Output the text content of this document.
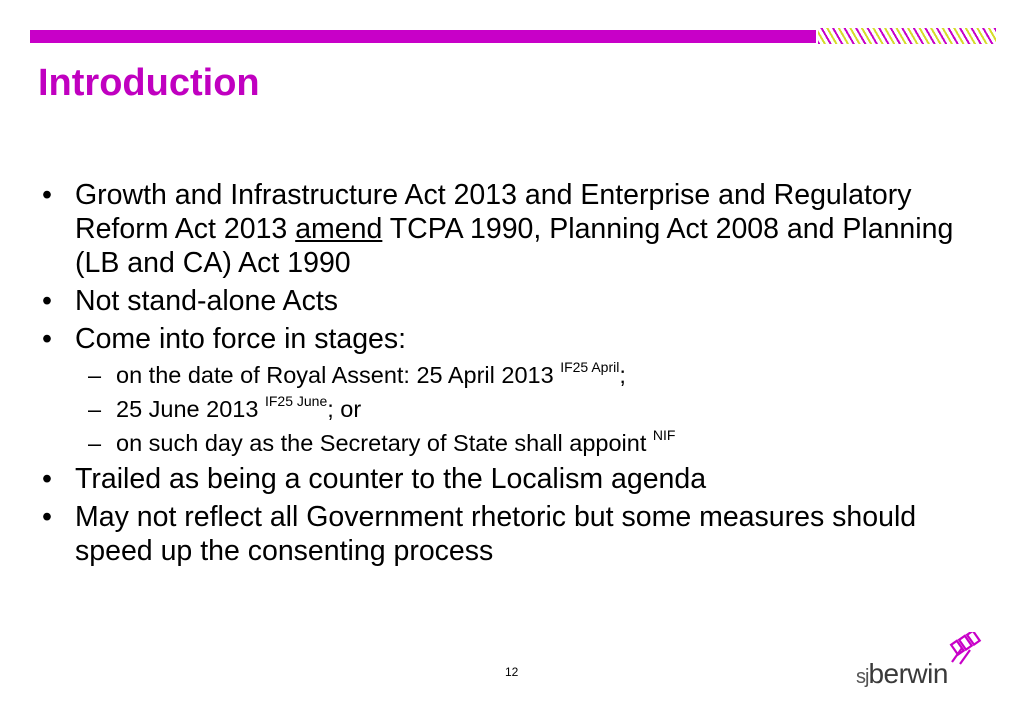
Introduction

• Growth and Infrastructure Act 2013 and Enterprise and Regulatory Reform Act 2013 amend TCPA 1990, Planning Act 2008 and Planning (LB and CA) Act 1990

• Not stand-alone Acts

• Come into force in stages:

– on the date of Royal Assent: 25 April 2013 $^{IF25 April}$;

– 25 June 2013 $^{IF25 June}$; or

– on such day as the Secretary of State shall appoint $^{NIF}$

• Trailed as being a counter to the Localism agenda

• May not reflect all Government rhetoric but some measures should speed up the consenting process

12	sjberwin
